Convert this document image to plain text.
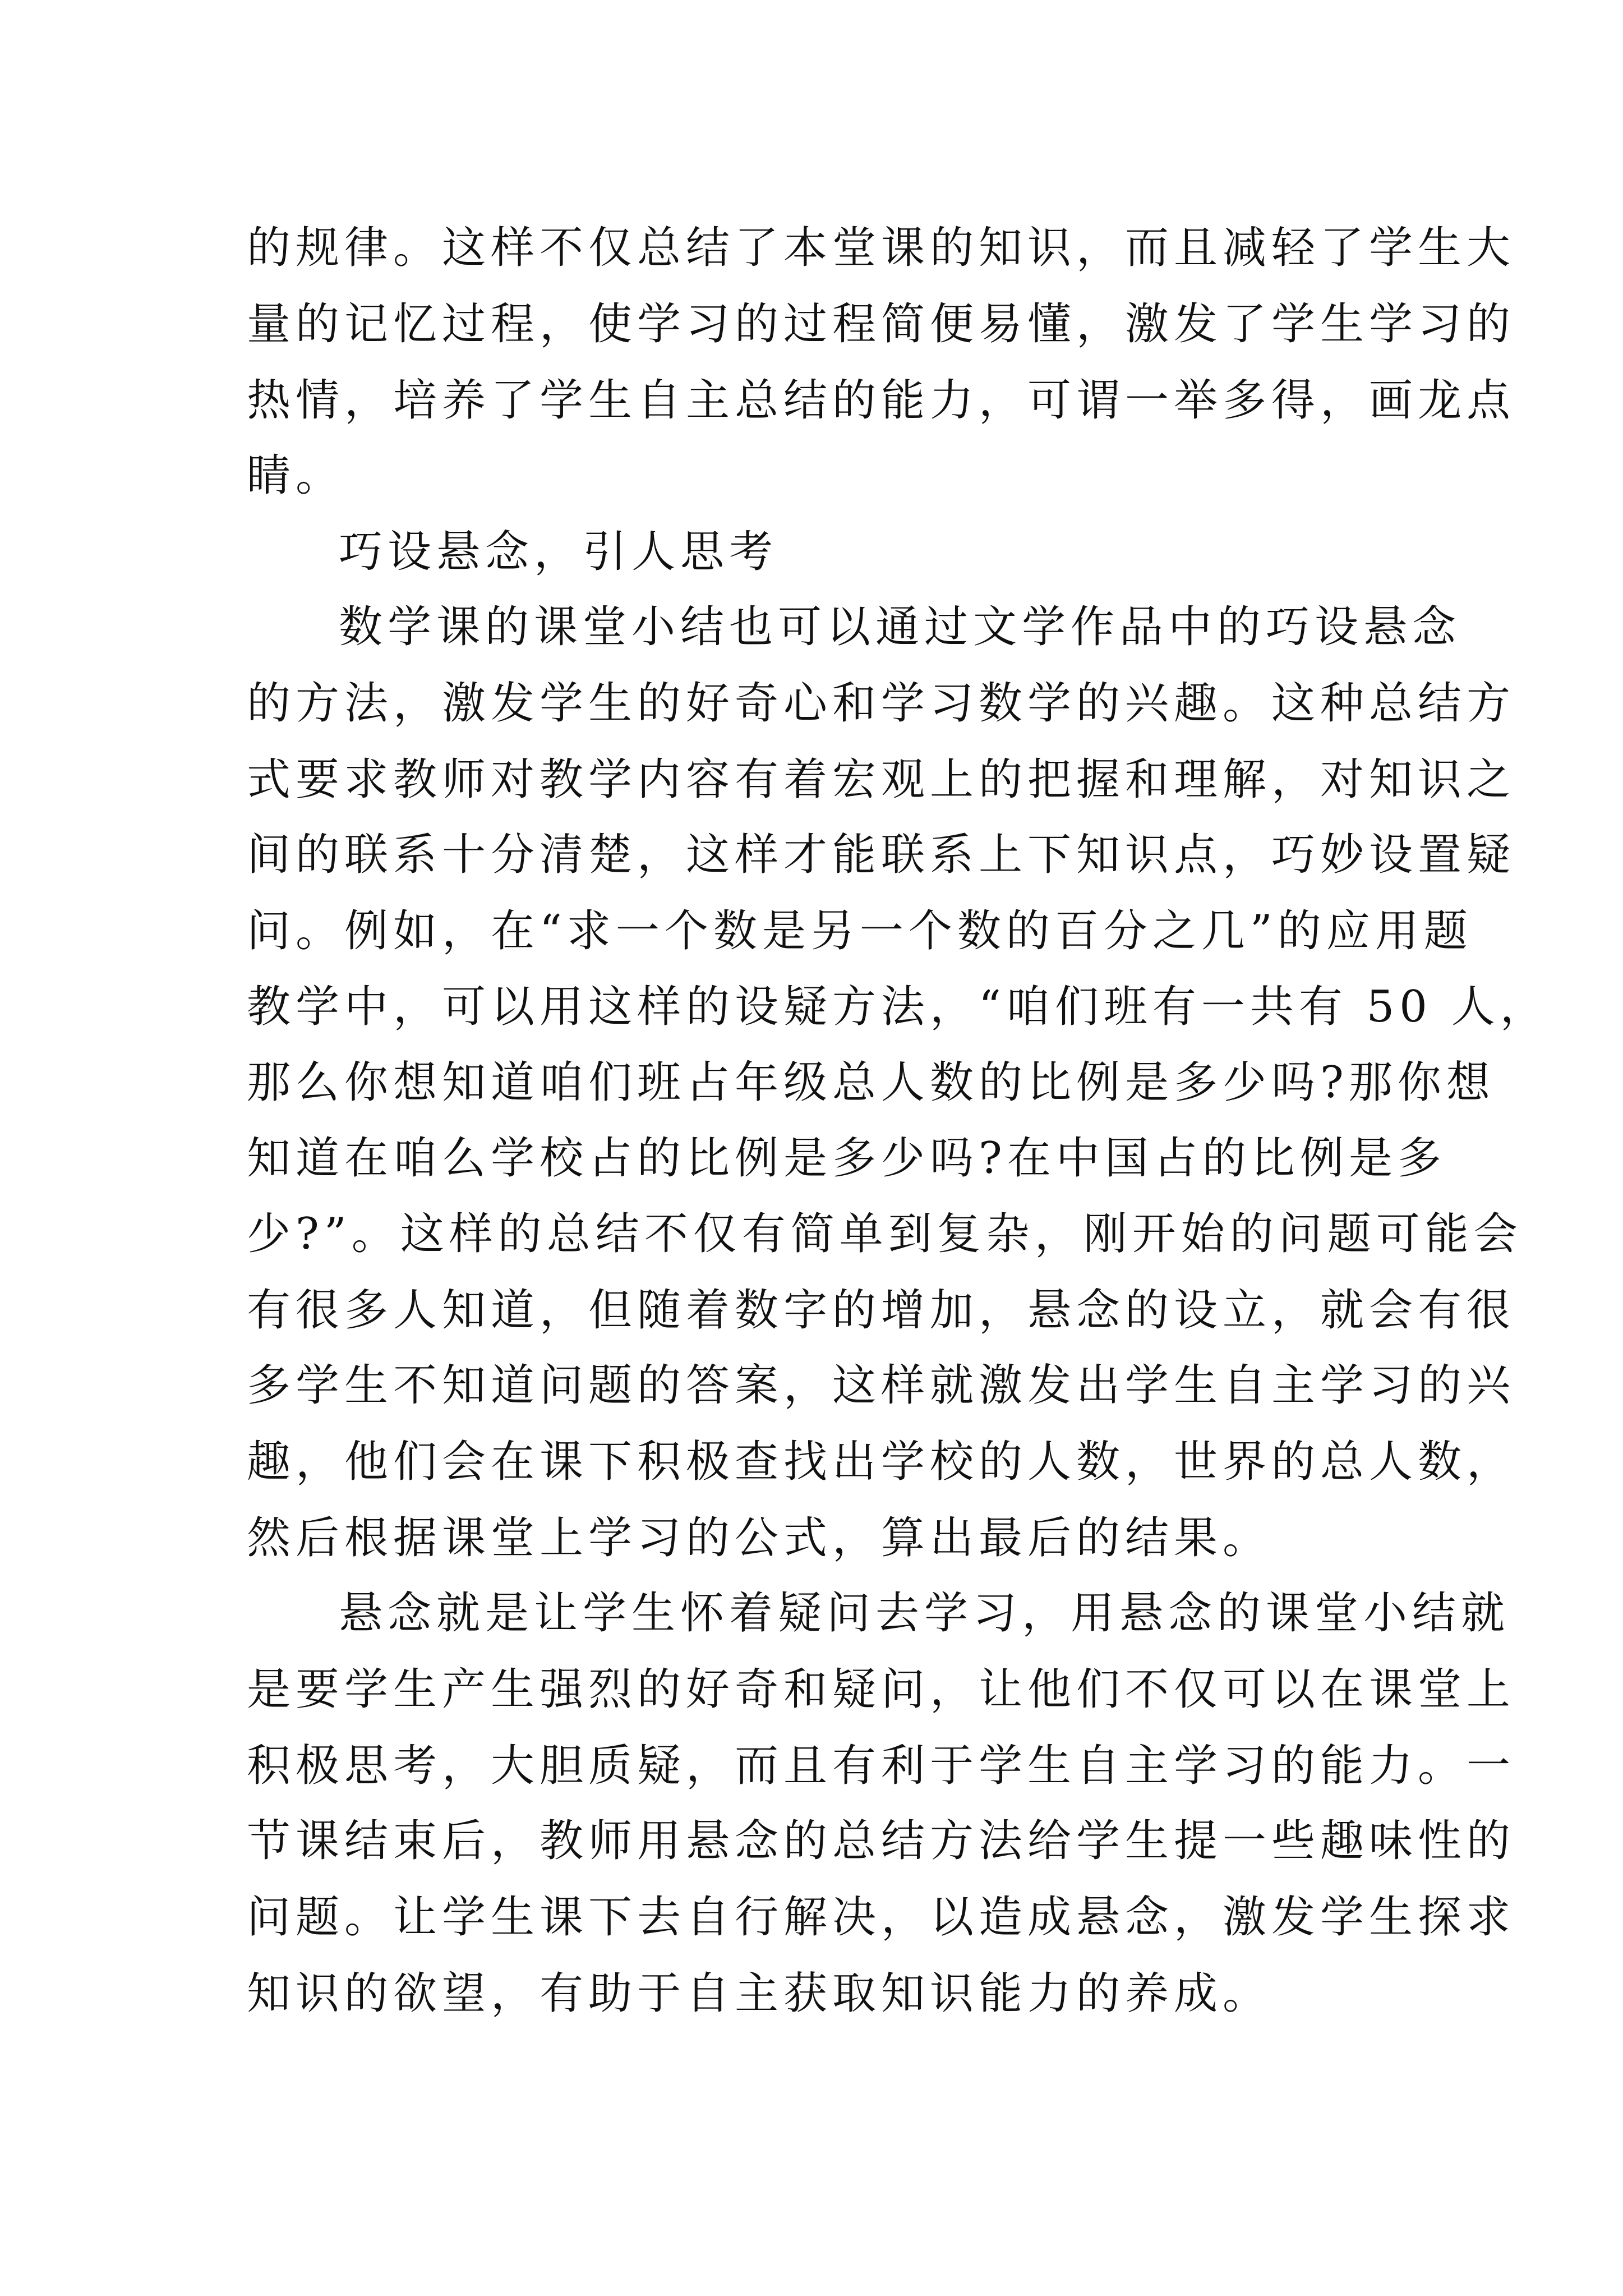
的规律。这样不仅总结了本堂课的知识，而且减轻了学生大
量的记忆过程，使学习的过程简便易懂，激发了学生学习的
热情，培养了学生自主总结的能力，可谓一举多得，画龙点
睛。
巧设悬念，引人思考
数学课的课堂小结也可以通过文学作品中的巧设悬念
的方法，激发学生的好奇心和学习数学的兴趣。这种总结方
式要求教师对教学内容有着宏观上的把握和理解，对知识之
间的联系十分清楚，这样才能联系上下知识点，巧妙设置疑
问。例如，在“求一个数是另一个数的百分之几”的应用题
教学中，可以用这样的设疑方法，“咱们班有一共有 50 人，
那么你想知道咱们班占年级总人数的比例是多少吗?那你想
知道在咱么学校占的比例是多少吗?在中国占的比例是多
少?”。这样的总结不仅有简单到复杂，刚开始的问题可能会
有很多人知道，但随着数字的增加，悬念的设立，就会有很
多学生不知道问题的答案，这样就激发出学生自主学习的兴
趣，他们会在课下积极查找出学校的人数，世界的总人数，
然后根据课堂上学习的公式，算出最后的结果。
悬念就是让学生怀着疑问去学习，用悬念的课堂小结就
是要学生产生强烈的好奇和疑问，让他们不仅可以在课堂上
积极思考，大胆质疑，而且有利于学生自主学习的能力。一
节课结束后，教师用悬念的总结方法给学生提一些趣味性的
问题。让学生课下去自行解决，以造成悬念，激发学生探求
知识的欲望，有助于自主获取知识能力的养成。
